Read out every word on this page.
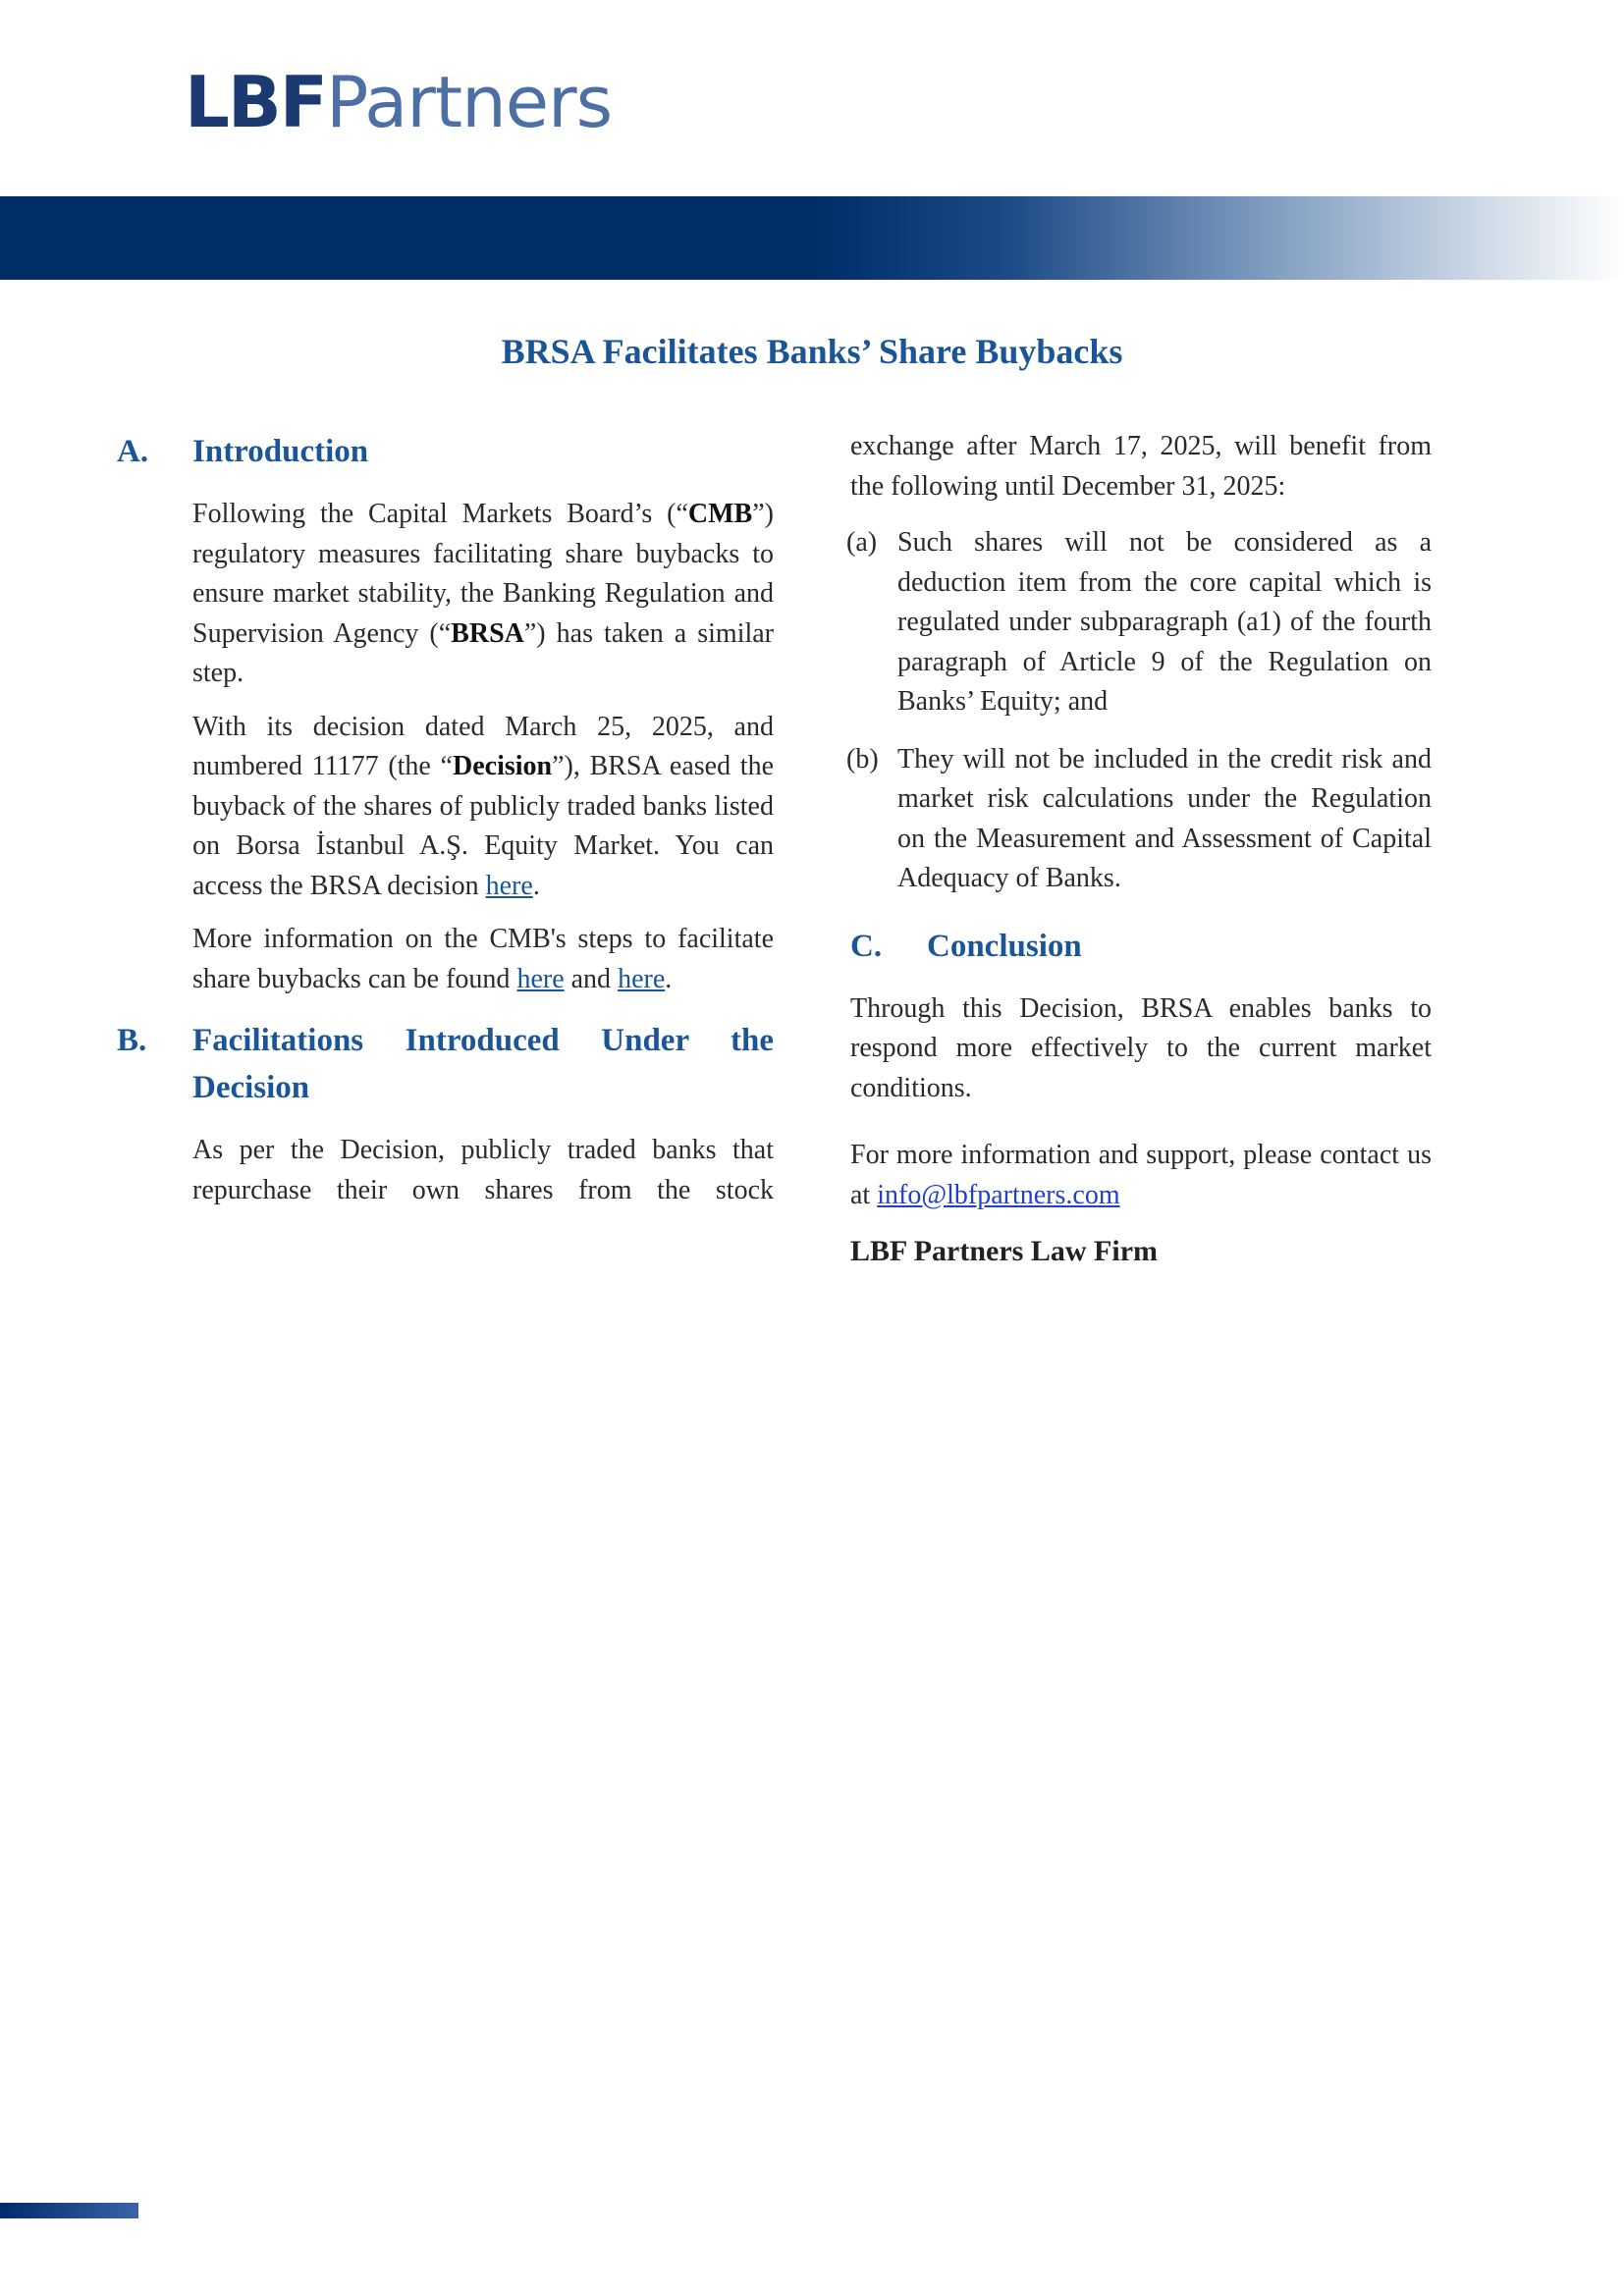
LBFPartners
BRSA Facilitates Banks’ Share Buybacks
A. Introduction

Following the Capital Markets Board’s (“CMB”) regulatory measures facilitating share buybacks to ensure market stability, the Banking Regulation and Supervision Agency (“BRSA”) has taken a similar step.

With its decision dated March 25, 2025, and numbered 11177 (the “Decision”), BRSA eased the buyback of the shares of publicly traded banks listed on Borsa İstanbul A.Ş. Equity Market. You can access the BRSA decision here.

More information on the CMB's steps to facilitate share buybacks can be found here and here.

B. Facilitations Introduced Under the Decision

As per the Decision, publicly traded banks that repurchase their own shares from the stock

exchange after March 17, 2025, will benefit from the following until December 31, 2025:

(a) Such shares will not be considered as a deduction item from the core capital which is regulated under subparagraph (a1) of the fourth paragraph of Article 9 of the Regulation on Banks’ Equity; and
(b) They will not be included in the credit risk and market risk calculations under the Regulation on the Measurement and Assessment of Capital Adequacy of Banks.
C. Conclusion

Through this Decision, BRSA enables banks to respond more effectively to the current market conditions.

For more information and support, please contact us at info@lbfpartners.com

LBF Partners Law Firm
